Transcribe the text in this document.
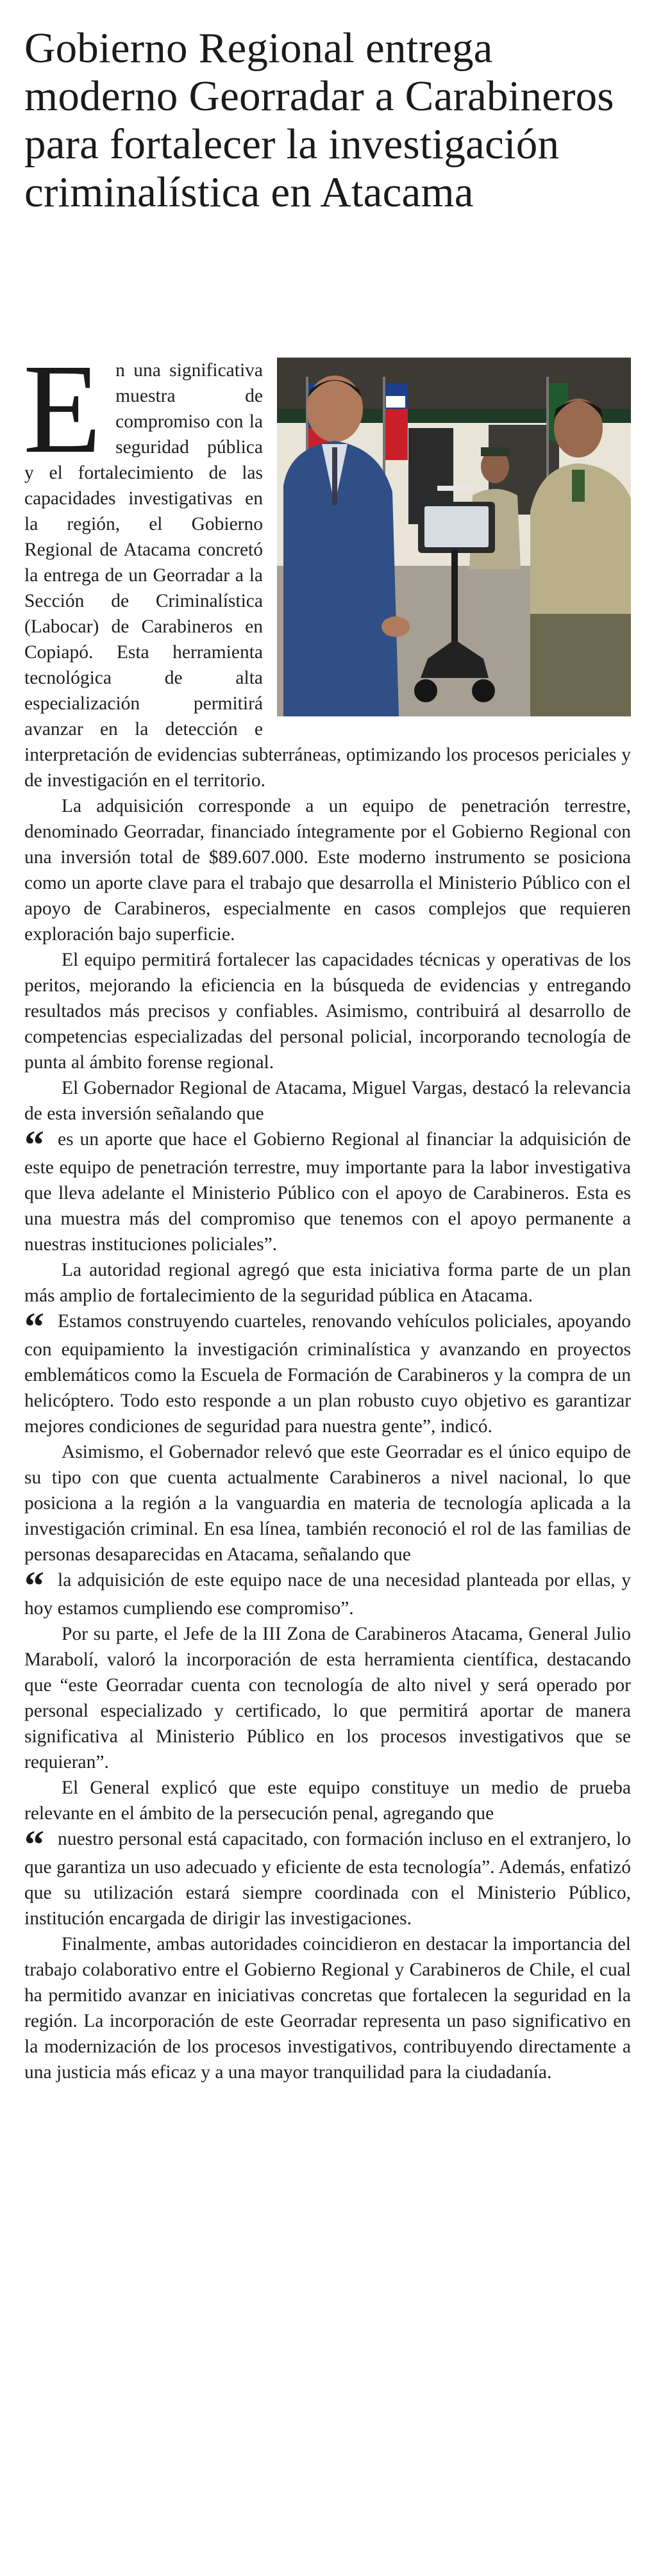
Gobierno Regional entrega moderno Georradar a Carabineros para fortalecer la investigación criminalística en Atacama

En una significativa muestra de compromiso con la seguridad pública y el fortalecimiento de las capacidades investigativas en la región, el Gobierno Regional de Atacama concretó la entrega de un Georradar a la Sección de Criminalística (Labocar) de Carabineros en Copiapó. Esta herramienta tecnológica de alta especialización permitirá avanzar en la detección e interpretación de evidencias subterráneas, optimizando los procesos periciales y de investigación en el territorio.

La adquisición corresponde a un equipo de penetración terrestre, denominado Georradar, financiado íntegramente por el Gobierno Regional con una inversión total de $89.607.000. Este moderno instrumento se posiciona como un aporte clave para el trabajo que desarrolla el Ministerio Público con el apoyo de Carabineros, especialmente en casos complejos que requieren exploración bajo superficie.

El equipo permitirá fortalecer las capacidades técnicas y operativas de los peritos, mejorando la eficiencia en la búsqueda de evidencias y entregando resultados más precisos y confiables. Asimismo, contribuirá al desarrollo de competencias especializadas del personal policial, incorporando tecnología de punta al ámbito forense regional.

El Gobernador Regional de Atacama, Miguel Vargas, destacó la relevancia de esta inversión señalando que

“ es un aporte que hace el Gobierno Regional al financiar la adquisición de este equipo de penetración terrestre, muy importante para la labor investigativa que lleva adelante el Ministerio Público con el apoyo de Carabineros. Esta es una muestra más del compromiso que tenemos con el apoyo permanente a nuestras instituciones policiales”.

La autoridad regional agregó que esta iniciativa forma parte de un plan más amplio de fortalecimiento de la seguridad pública en Atacama.

“ Estamos construyendo cuarteles, renovando vehículos policiales, apoyando con equipamiento la investigación criminalística y avanzando en proyectos emblemáticos como la Escuela de Formación de Carabineros y la compra de un helicóptero. Todo esto responde a un plan robusto cuyo objetivo es garantizar mejores condiciones de seguridad para nuestra gente”, indicó.

Asimismo, el Gobernador relevó que este Georradar es el único equipo de su tipo con que cuenta actualmente Carabineros a nivel nacional, lo que posiciona a la región a la vanguardia en materia de tecnología aplicada a la investigación criminal. En esa línea, también reconoció el rol de las familias de personas desaparecidas en Atacama, señalando que

“ la adquisición de este equipo nace de una necesidad planteada por ellas, y hoy estamos cumpliendo ese compromiso”.

Por su parte, el Jefe de la III Zona de Carabineros Atacama, General Julio Marabolí, valoró la incorporación de esta herramienta científica, destacando que “este Georradar cuenta con tecnología de alto nivel y será operado por personal especializado y certificado, lo que permitirá aportar de manera significativa al Ministerio Público en los procesos investigativos que se requieran”.

El General explicó que este equipo constituye un medio de prueba relevante en el ámbito de la persecución penal, agregando que

“ nuestro personal está capacitado, con formación incluso en el extranjero, lo que garantiza un uso adecuado y eficiente de esta tecnología”. Además, enfatizó que su utilización estará siempre coordinada con el Ministerio Público, institución encargada de dirigir las investigaciones.

Finalmente, ambas autoridades coincidieron en destacar la importancia del trabajo colaborativo entre el Gobierno Regional y Carabineros de Chile, el cual ha permitido avanzar en iniciativas concretas que fortalecen la seguridad en la región. La incorporación de este Georradar representa un paso significativo en la modernización de los procesos investigativos, contribuyendo directamente a una justicia más eficaz y a una mayor tranquilidad para la ciudadanía.
